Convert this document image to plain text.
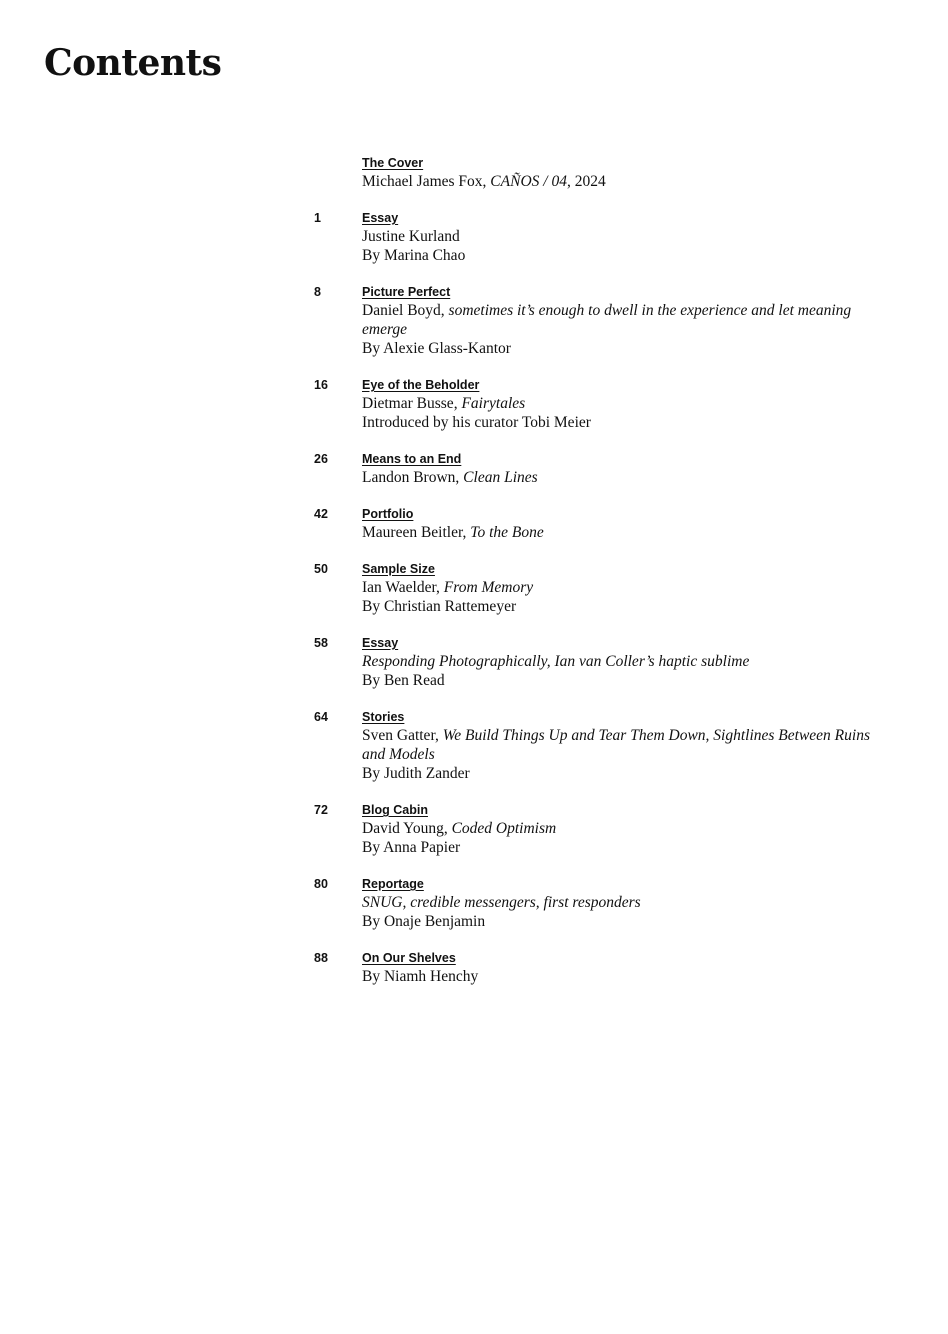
Contents
The Cover
Michael James Fox, CAÑOS / 04, 2024
1	Essay
Justine Kurland
By Marina Chao
8	Picture Perfect
Daniel Boyd, sometimes it’s enough to dwell in the experience and let meaning emerge
By Alexie Glass-Kantor
16	Eye of the Beholder
Dietmar Busse, Fairytales
Introduced by his curator Tobi Meier
26	Means to an End
Landon Brown, Clean Lines
42	Portfolio
Maureen Beitler, To the Bone
50	Sample Size
Ian Waelder, From Memory
By Christian Rattemeyer
58	Essay
Responding Photographically, Ian van Coller’s haptic sublime
By Ben Read
64	Stories
Sven Gatter, We Build Things Up and Tear Them Down, Sightlines Between Ruins and Models
By Judith Zander
72	Blog Cabin
David Young, Coded Optimism
By Anna Papier
80	Reportage
SNUG, credible messengers, first responders
By Onaje Benjamin
88	On Our Shelves
By Niamh Henchy
